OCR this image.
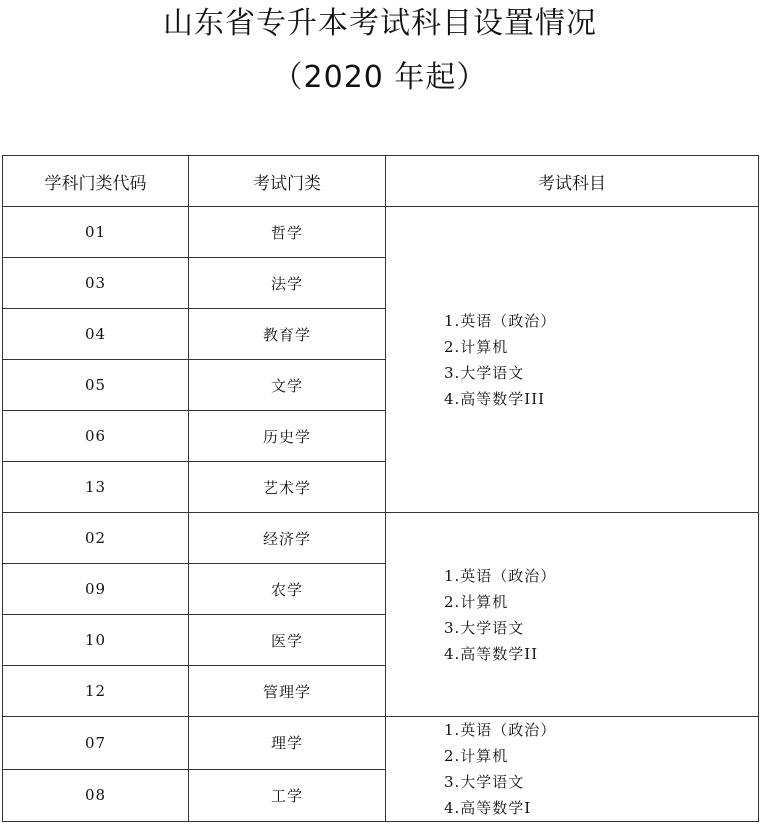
山东省专升本考试科目设置情况
（2020 年起）
学科门类代码	考试门类	考试科目
01	哲学	1.英语（政治）
2.计算机
3.大学语文
4.高等数学III

03	法学	
04	教育学	
05	文学	
06	历史学	
13	艺术学	
02	经济学	1.英语（政治）
2.计算机
3.大学语文
4.高等数学II

09	农学	
10	医学	
12	管理学	
07	理学	1.英语（政治）
2.计算机
3.大学语文
4.高等数学Ⅰ

08	工学	
